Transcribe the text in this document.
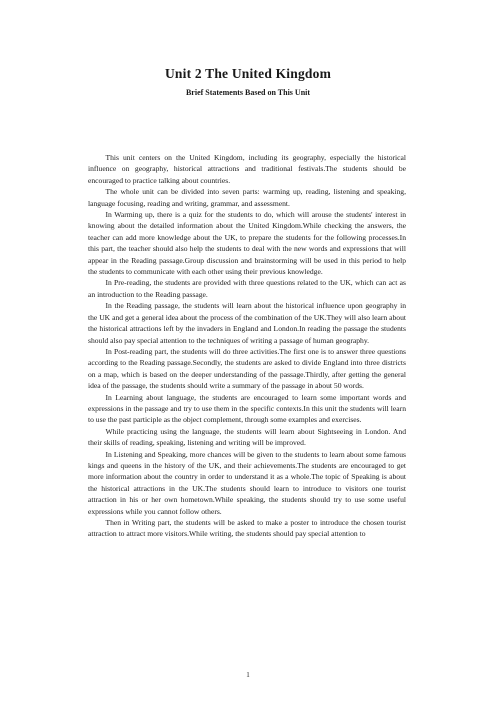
Unit 2 The United Kingdom
Brief Statements Based on This Unit

This unit centers on the United Kingdom, including its geography, especially the historical influence on geography, historical attractions and traditional festivals.The students should be encouraged to practice talking about countries.

The whole unit can be divided into seven parts: warming up, reading, listening and speaking, language focusing, reading and writing, grammar, and assessment.

In Warming up, there is a quiz for the students to do, which will arouse the students' interest in knowing about the detailed information about the United Kingdom.While checking the answers, the teacher can add more knowledge about the UK, to prepare the students for the following processes.In this part, the teacher should also help the students to deal with the new words and expressions that will appear in the Reading passage.Group discussion and brainstorming will be used in this period to help the students to communicate with each other using their previous knowledge.

In Pre-reading, the students are provided with three questions related to the UK, which can act as an introduction to the Reading passage.

In the Reading passage, the students will learn about the historical influence upon geography in the UK and get a general idea about the process of the combination of the UK.They will also learn about the historical attractions left by the invaders in England and London.In reading the passage the students should also pay special attention to the techniques of writing a passage of human geography.

In Post-reading part, the students will do three activities.The first one is to answer three questions according to the Reading passage.Secondly, the students are asked to divide England into three districts on a map, which is based on the deeper understanding of the passage.Thirdly, after getting the general idea of the passage, the students should write a summary of the passage in about 50 words.

In Learning about language, the students are encouraged to learn some important words and expressions in the passage and try to use them in the specific contexts.In this unit the students will learn to use the past participle as the object complement, through some examples and exercises.

While practicing using the language, the students will learn about Sightseeing in London. And their skills of reading, speaking, listening and writing will be improved.

In Listening and Speaking, more chances will be given to the students to learn about some famous kings and queens in the history of the UK, and their achievements.The students are encouraged to get more information about the country in order to understand it as a whole.The topic of Speaking is about the historical attractions in the UK.The students should learn to introduce to visitors one tourist attraction in his or her own hometown.While speaking, the students should try to use some useful expressions while you cannot follow others.

Then in Writing part, the students will be asked to make a poster to introduce the chosen tourist attraction to attract more visitors.While writing, the students should pay special attention to

1
